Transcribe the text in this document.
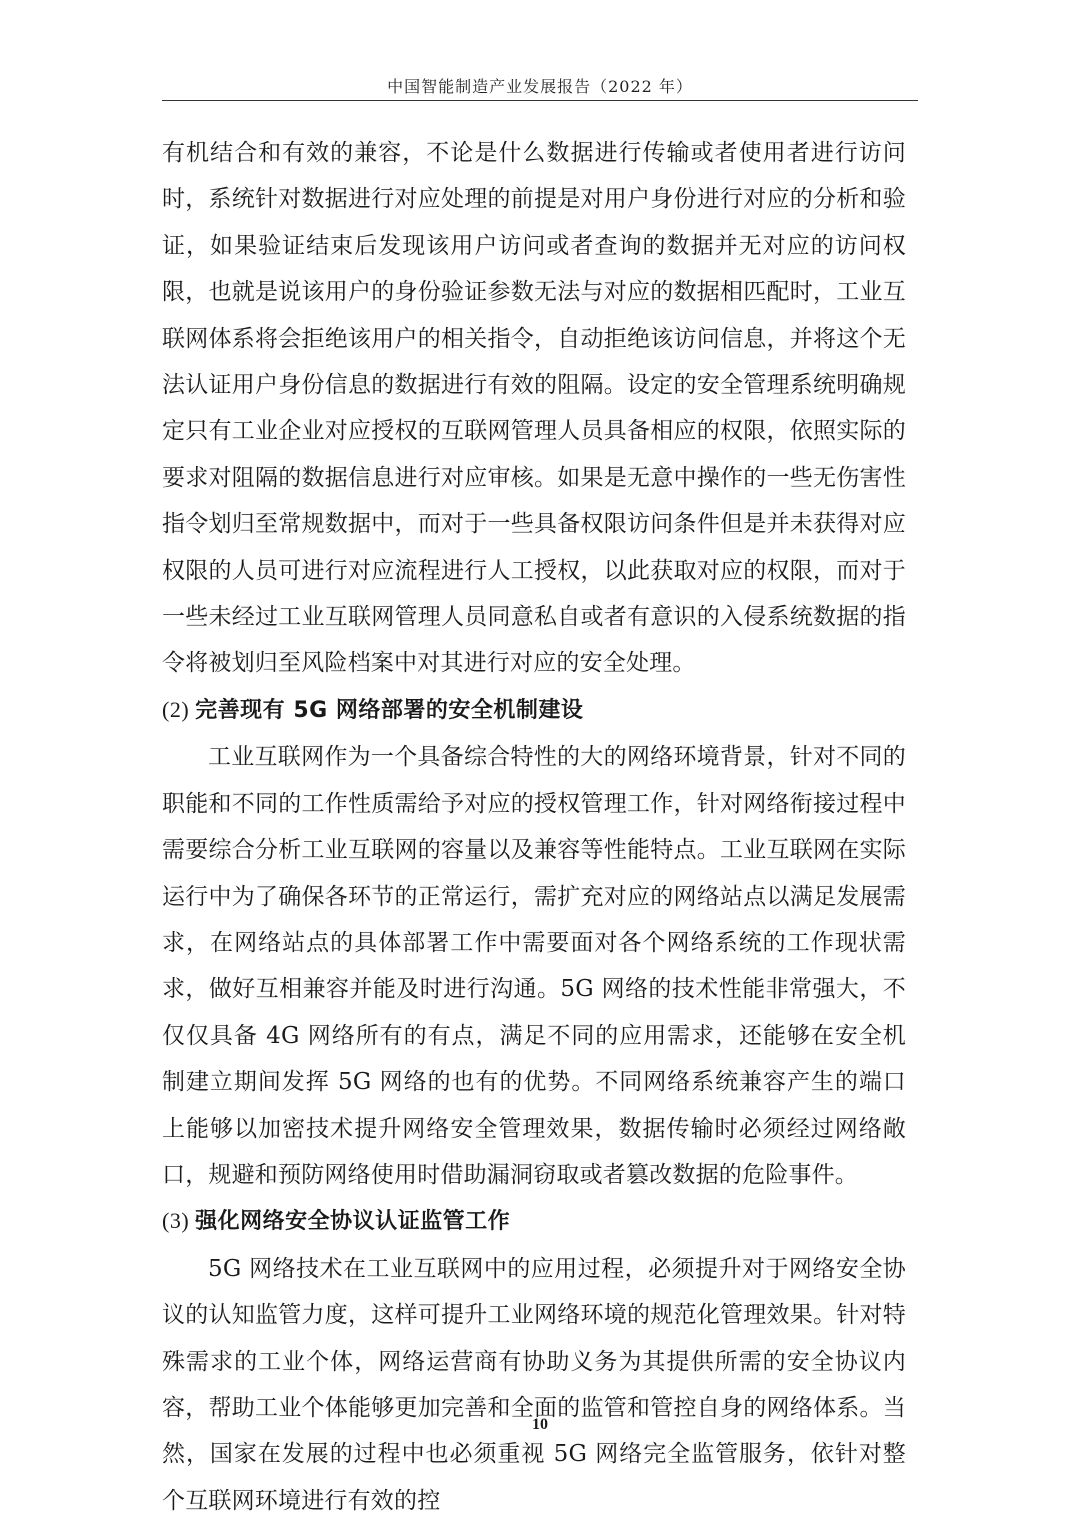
中国智能制造产业发展报告（2022 年）

有机结合和有效的兼容，不论是什么数据进行传输或者使用者进行访问时，系统针对数据进行对应处理的前提是对用户身份进行对应的分析和验证，如果验证结束后发现该用户访问或者查询的数据并无对应的访问权限，也就是说该用户的身份验证参数无法与对应的数据相匹配时，工业互联网体系将会拒绝该用户的相关指令，自动拒绝该访问信息，并将这个无法认证用户身份信息的数据进行有效的阻隔。设定的安全管理系统明确规定只有工业企业对应授权的互联网管理人员具备相应的权限，依照实际的要求对阻隔的数据信息进行对应审核。如果是无意中操作的一些无伤害性指令划归至常规数据中，而对于一些具备权限访问条件但是并未获得对应权限的人员可进行对应流程进行人工授权，以此获取对应的权限，而对于一些未经过工业互联网管理人员同意私自或者有意识的入侵系统数据的指令将被划归至风险档案中对其进行对应的安全处理。

(2) 完善现有 5G 网络部署的安全机制建设

工业互联网作为一个具备综合特性的大的网络环境背景，针对不同的职能和不同的工作性质需给予对应的授权管理工作，针对网络衔接过程中需要综合分析工业互联网的容量以及兼容等性能特点。工业互联网在实际运行中为了确保各环节的正常运行，需扩充对应的网络站点以满足发展需求，在网络站点的具体部署工作中需要面对各个网络系统的工作现状需求，做好互相兼容并能及时进行沟通。5G 网络的技术性能非常强大，不仅仅具备 4G 网络所有的有点，满足不同的应用需求，还能够在安全机制建立期间发挥 5G 网络的也有的优势。不同网络系统兼容产生的端口上能够以加密技术提升网络安全管理效果，数据传输时必须经过网络敞口，规避和预防网络使用时借助漏洞窃取或者篡改数据的危险事件。

(3) 强化网络安全协议认证监管工作

5G 网络技术在工业互联网中的应用过程，必须提升对于网络安全协议的认知监管力度，这样可提升工业网络环境的规范化管理效果。针对特殊需求的工业个体，网络运营商有协助义务为其提供所需的安全协议内容，帮助工业个体能够更加完善和全面的监管和管控自身的网络体系。当然，国家在发展的过程中也必须重视 5G 网络完全监管服务，依针对整个互联网环境进行有效的控

10
